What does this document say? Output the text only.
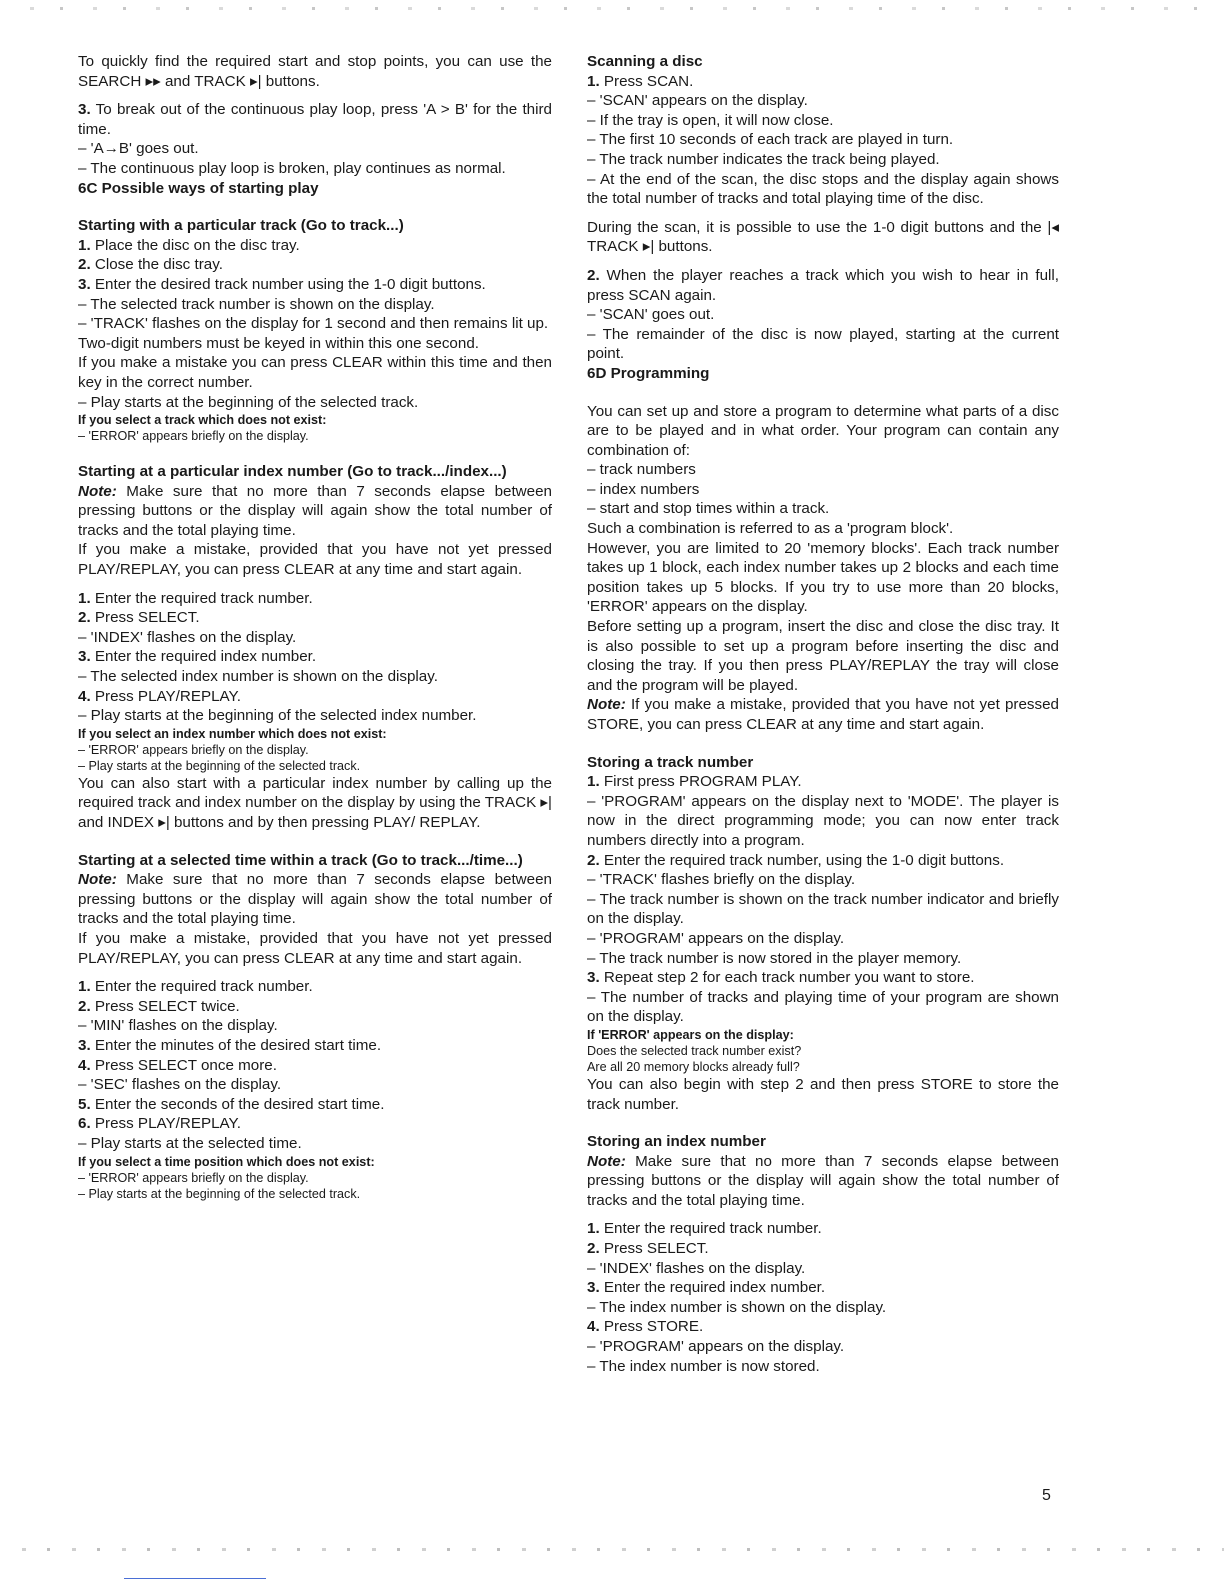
To quickly find the required start and stop points, you can use the SEARCH ▸▸ and TRACK ▸| buttons.

3. To break out of the continuous play loop, press 'A > B' for the third time.
– 'A→B' goes out.
– The continuous play loop is broken, play continues as normal.

6C Possible ways of starting play

Starting with a particular track (Go to track...)

1. Place the disc on the disc tray.
2. Close the disc tray.
3. Enter the desired track number using the 1-0 digit buttons.
– The selected track number is shown on the display.
– 'TRACK' flashes on the display for 1 second and then remains lit up.
Two-digit numbers must be keyed in within this one second.
If you make a mistake you can press CLEAR within this time and then key in the correct number.
– Play starts at the beginning of the selected track.
If you select a track which does not exist:
– 'ERROR' appears briefly on the display.

Starting at a particular index number (Go to track.../index...)

Note: Make sure that no more than 7 seconds elapse between pressing buttons or the display will again show the total number of tracks and the total playing time.
If you make a mistake, provided that you have not yet pressed PLAY/REPLAY, you can press CLEAR at any time and start again.
1. Enter the required track number.
2. Press SELECT.
– 'INDEX' flashes on the display.
3. Enter the required index number.
– The selected index number is shown on the display.
4. Press PLAY/REPLAY.
– Play starts at the beginning of the selected index number.
If you select an index number which does not exist:
– 'ERROR' appears briefly on the display.
– Play starts at the beginning of the selected track.

You can also start with a particular index number by calling up the required track and index number on the display by using the TRACK ▸| and INDEX ▸| buttons and by then pressing PLAY/ REPLAY.

Starting at a selected time within a track (Go to track.../time...)

Note: Make sure that no more than 7 seconds elapse between pressing buttons or the display will again show the total number of tracks and the total playing time.
If you make a mistake, provided that you have not yet pressed PLAY/REPLAY, you can press CLEAR at any time and start again.
1. Enter the required track number.
2. Press SELECT twice.
– 'MIN' flashes on the display.
3. Enter the minutes of the desired start time.
4. Press SELECT once more.
– 'SEC' flashes on the display.
5. Enter the seconds of the desired start time.
6. Press PLAY/REPLAY.
– Play starts at the selected time.
If you select a time position which does not exist:
– 'ERROR' appears briefly on the display.
– Play starts at the beginning of the selected track.

Scanning a disc

1. Press SCAN.
– 'SCAN' appears on the display.
– If the tray is open, it will now close.
– The first 10 seconds of each track are played in turn.
– The track number indicates the track being played.
– At the end of the scan, the disc stops and the display again shows the total number of tracks and total playing time of the disc.

During the scan, it is possible to use the 1-0 digit buttons and the |◂ TRACK ▸| buttons.

2. When the player reaches a track which you wish to hear in full, press SCAN again.
– 'SCAN' goes out.
– The remainder of the disc is now played, starting at the current point.

6D Programming

You can set up and store a program to determine what parts of a disc are to be played and in what order. Your program can contain any combination of:
– track numbers
– index numbers
– start and stop times within a track.
Such a combination is referred to as a 'program block'.
However, you are limited to 20 'memory blocks'. Each track number takes up 1 block, each index number takes up 2 blocks and each time position takes up 5 blocks. If you try to use more than 20 blocks, 'ERROR' appears on the display.
Before setting up a program, insert the disc and close the disc tray. It is also possible to set up a program before inserting the disc and closing the tray. If you then press PLAY/REPLAY the tray will close and the program will be played.
Note: If you make a mistake, provided that you have not yet pressed STORE, you can press CLEAR at any time and start again.

Storing a track number

1. First press PROGRAM PLAY.
– 'PROGRAM' appears on the display next to 'MODE'. The player is now in the direct programming mode; you can now enter track numbers directly into a program.
2. Enter the required track number, using the 1-0 digit buttons.
– 'TRACK' flashes briefly on the display.
– The track number is shown on the track number indicator and briefly on the display.
– 'PROGRAM' appears on the display.
– The track number is now stored in the player memory.
3. Repeat step 2 for each track number you want to store.
– The number of tracks and playing time of your program are shown on the display.
If 'ERROR' appears on the display:
Does the selected track number exist?
Are all 20 memory blocks already full?

You can also begin with step 2 and then press STORE to store the track number.

Storing an index number

Note: Make sure that no more than 7 seconds elapse between pressing buttons or the display will again show the total number of tracks and the total playing time.
1. Enter the required track number.
2. Press SELECT.
– 'INDEX' flashes on the display.
3. Enter the required index number.
– The index number is shown on the display.
4. Press STORE.
– 'PROGRAM' appears on the display.
– The index number is now stored.
5
